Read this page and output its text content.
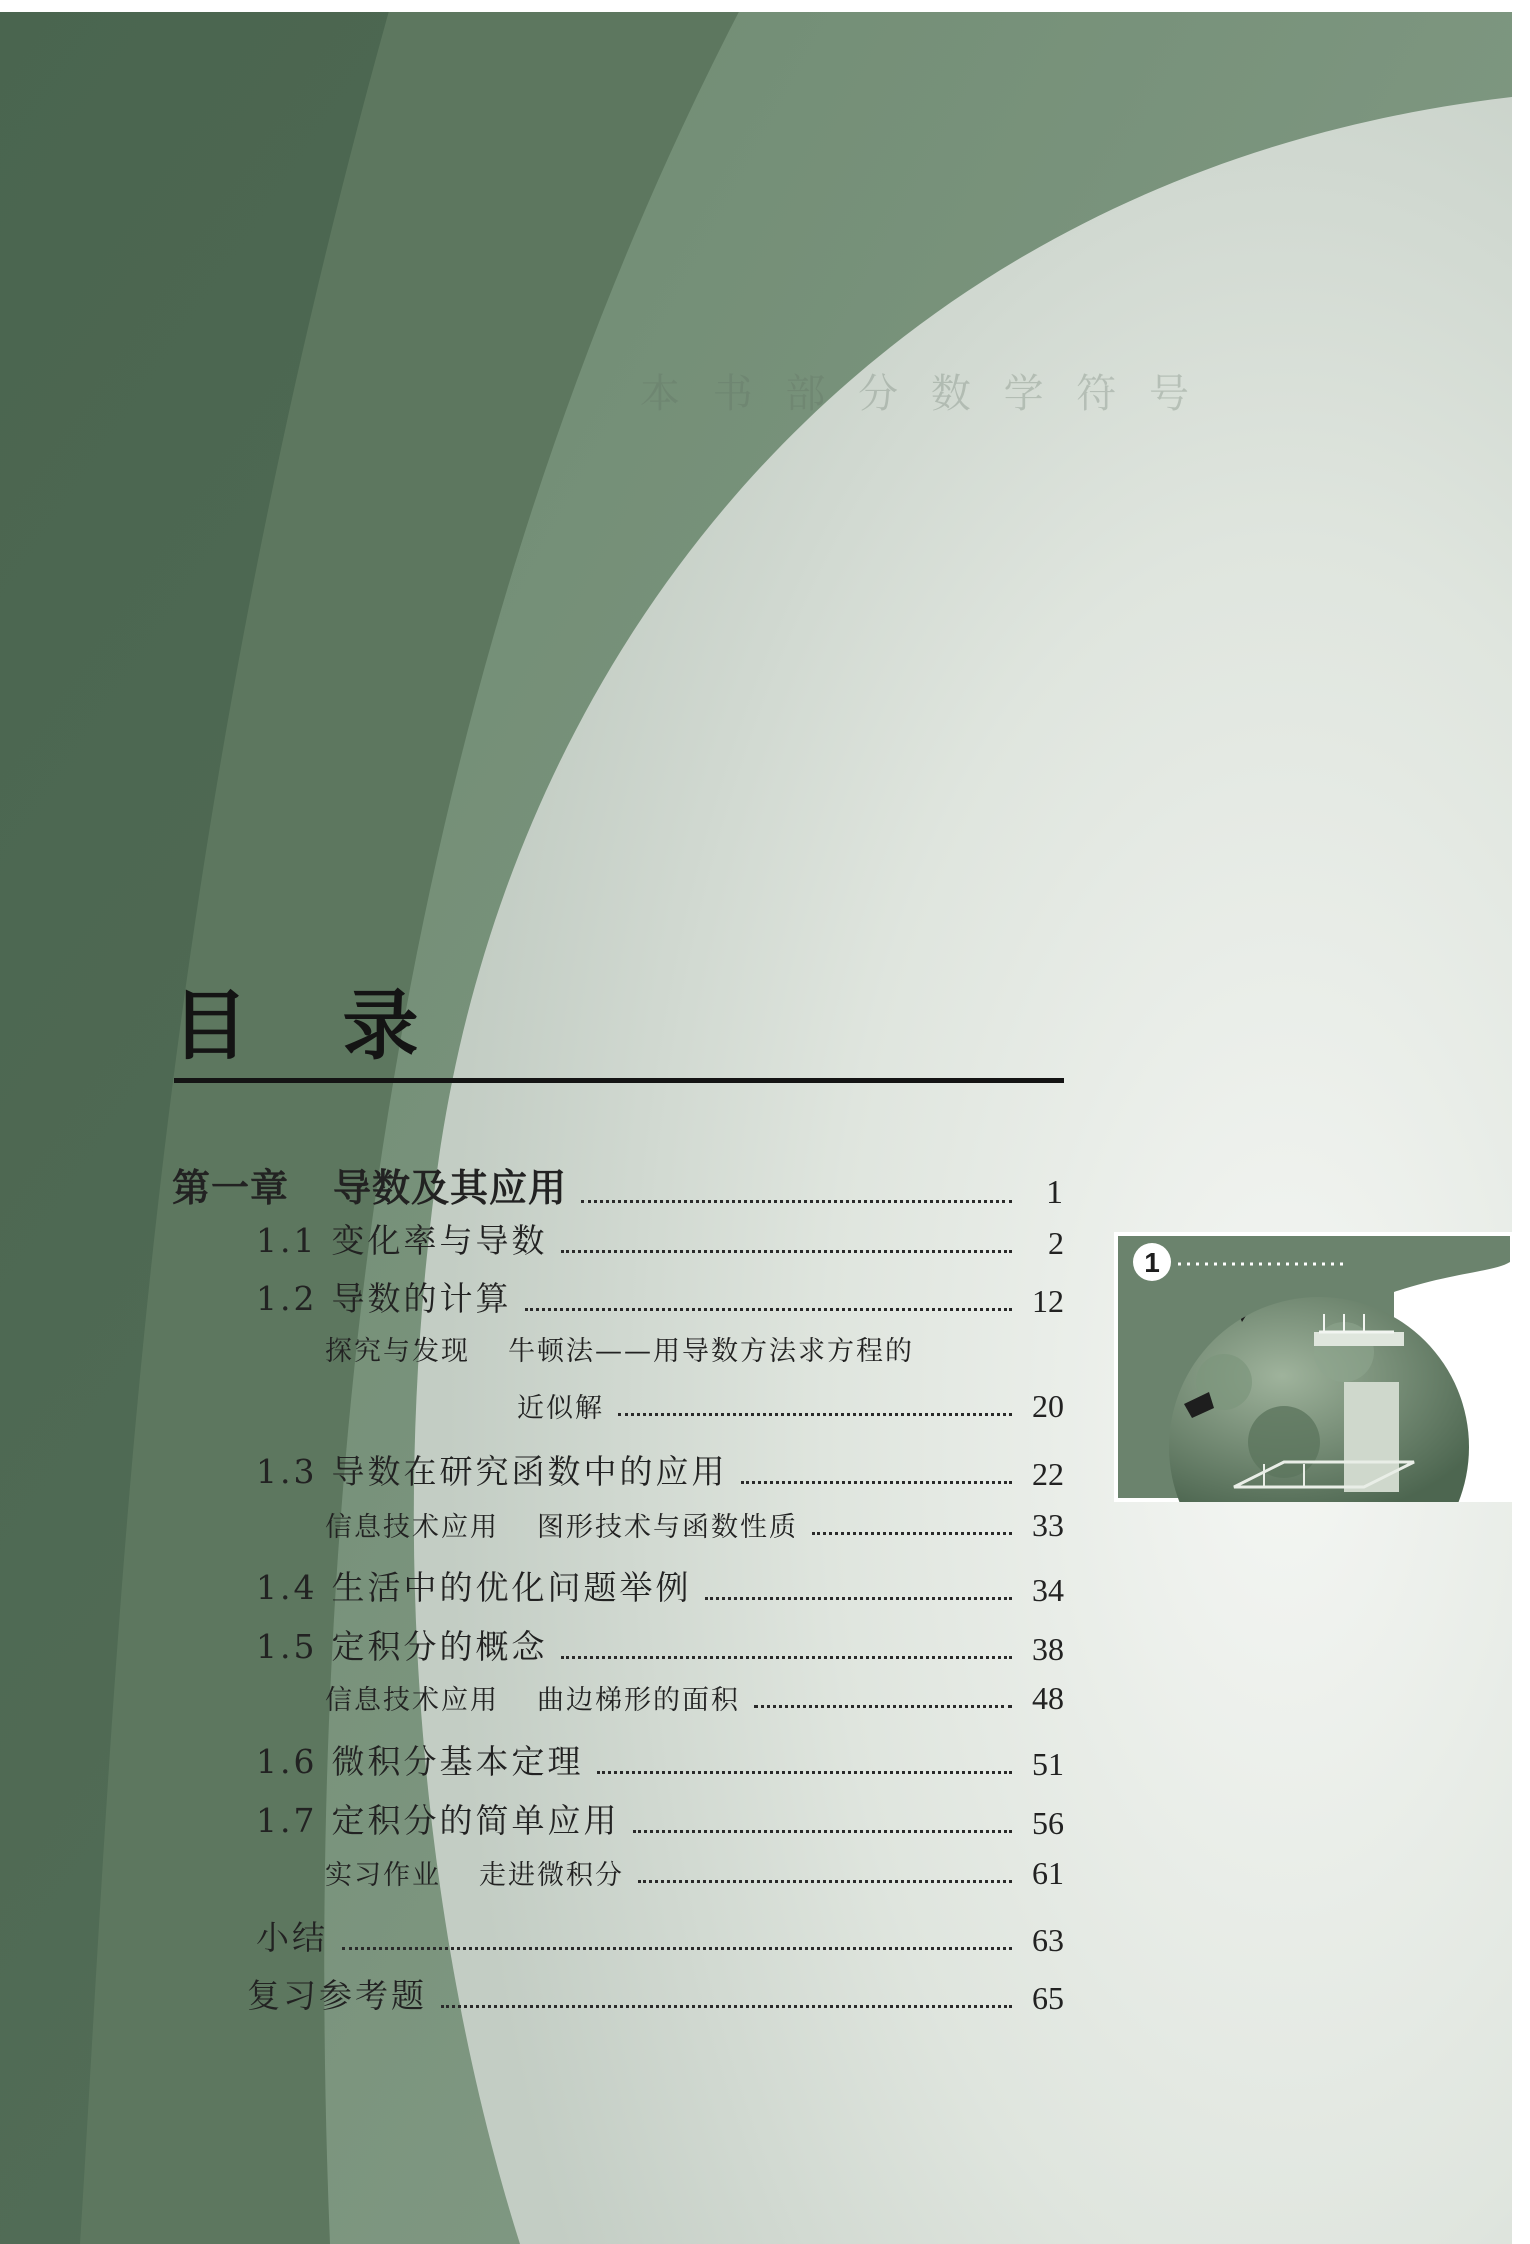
本 书 部 分 数 学 符 号
目 录
第一章 导数及其应用	1
1.1 变化率与导数	2
1.2 导数的计算	12
探究与发现 牛顿法——用导数方法求方程的
近似解	20
1.3 导数在研究函数中的应用	22
信息技术应用 图形技术与函数性质	33
1.4 生活中的优化问题举例	34
1.5 定积分的概念	38
信息技术应用 曲边梯形的面积	48
1.6 微积分基本定理	51
1.7 定积分的简单应用	56
实习作业 走进微积分	61
小结	63
复习参考题	65
1
